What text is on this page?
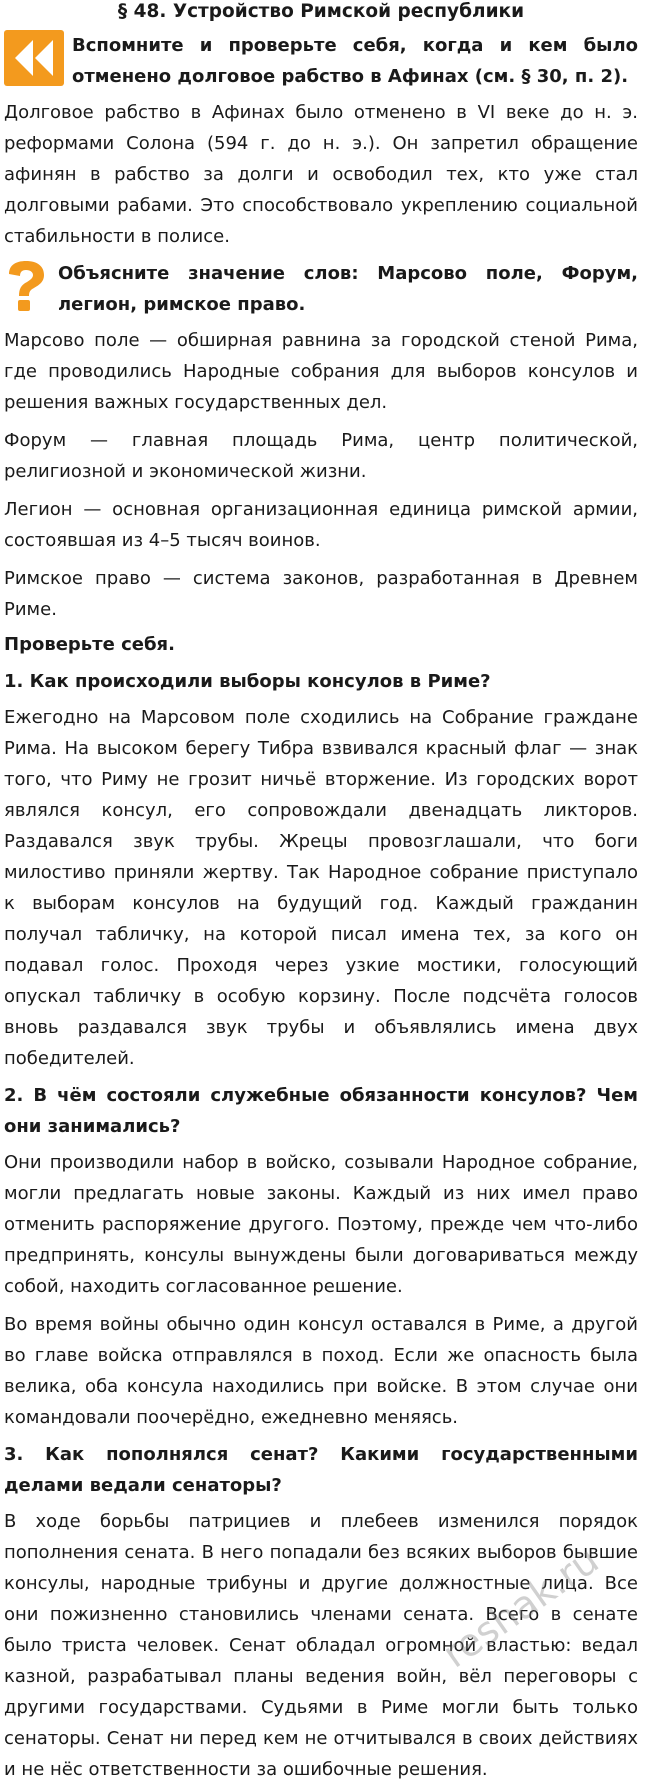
§ 48. Устройство Римской республики
Вспомните и проверьте себя, когда и кем было отменено долговое рабство в Афинах (см. § 30, п. 2).

Долговое рабство в Афинах было отменено в VI веке до н. э. реформами Солона (594 г. до н. э.). Он запретил обращение афинян в рабство за долги и освободил тех, кто уже стал долговыми рабами. Это способствовало укреплению социальной стабильности в полисе.

Объясните значение слов: Марсово поле, Форум, легион, римское право.

Марсово поле — обширная равнина за городской стеной Рима, где проводились Народные собрания для выборов консулов и решения важных государственных дел.

Форум — главная площадь Рима, центр политической, религиозной и экономической жизни.

Легион — основная организационная единица римской армии, состоявшая из 4–5 тысяч воинов.

Римское право — система законов, разработанная в Древнем Риме.

Проверьте себя.
1. Как происходили выборы консулов в Риме?

Ежегодно на Марсовом поле сходились на Собрание граждане Рима. На высоком берегу Тибра взвивался красный флаг — знак того, что Риму не грозит ничьё вторжение. Из городских ворот являлся консул, его сопровождали двенадцать ликторов. Раздавался звук трубы. Жрецы провозглашали, что боги милостиво приняли жертву. Так Народное собрание приступало к выборам консулов на будущий год. Каждый гражданин получал табличку, на которой писал имена тех, за кого он подавал голос. Проходя через узкие мостики, голосующий опускал табличку в особую корзину. После подсчёта голосов вновь раздавался звук трубы и объявлялись имена двух победителей.

2. В чём состояли служебные обязанности консулов? Чем они занимались?

Они производили набор в войско, созывали Народное собрание, могли предлагать новые законы. Каждый из них имел право отменить распоряжение другого. Поэтому, прежде чем что-либо предпринять, консулы вынуждены были договариваться между собой, находить согласованное решение.

Во время войны обычно один консул оставался в Риме, а другой во главе войска отправлялся в поход. Если же опасность была велика, оба консула находились при войске. В этом случае они командовали поочерёдно, ежедневно меняясь.

3. Как пополнялся сенат? Какими государственными делами ведали сенаторы?

В ходе борьбы патрициев и плебеев изменился порядок пополнения сената. В него попадали без всяких выборов бывшие консулы, народные трибуны и другие должностные лица. Все они пожизненно становились членами сената. Всего в сенате было триста человек. Сенат обладал огромной властью: ведал казной, разрабатывал планы ведения войн, вёл переговоры с другими государствами. Судьями в Риме могли быть только сенаторы. Сенат ни перед кем не отчитывался в своих действиях и не нёс ответственности за ошибочные решения.

reshak.ru
